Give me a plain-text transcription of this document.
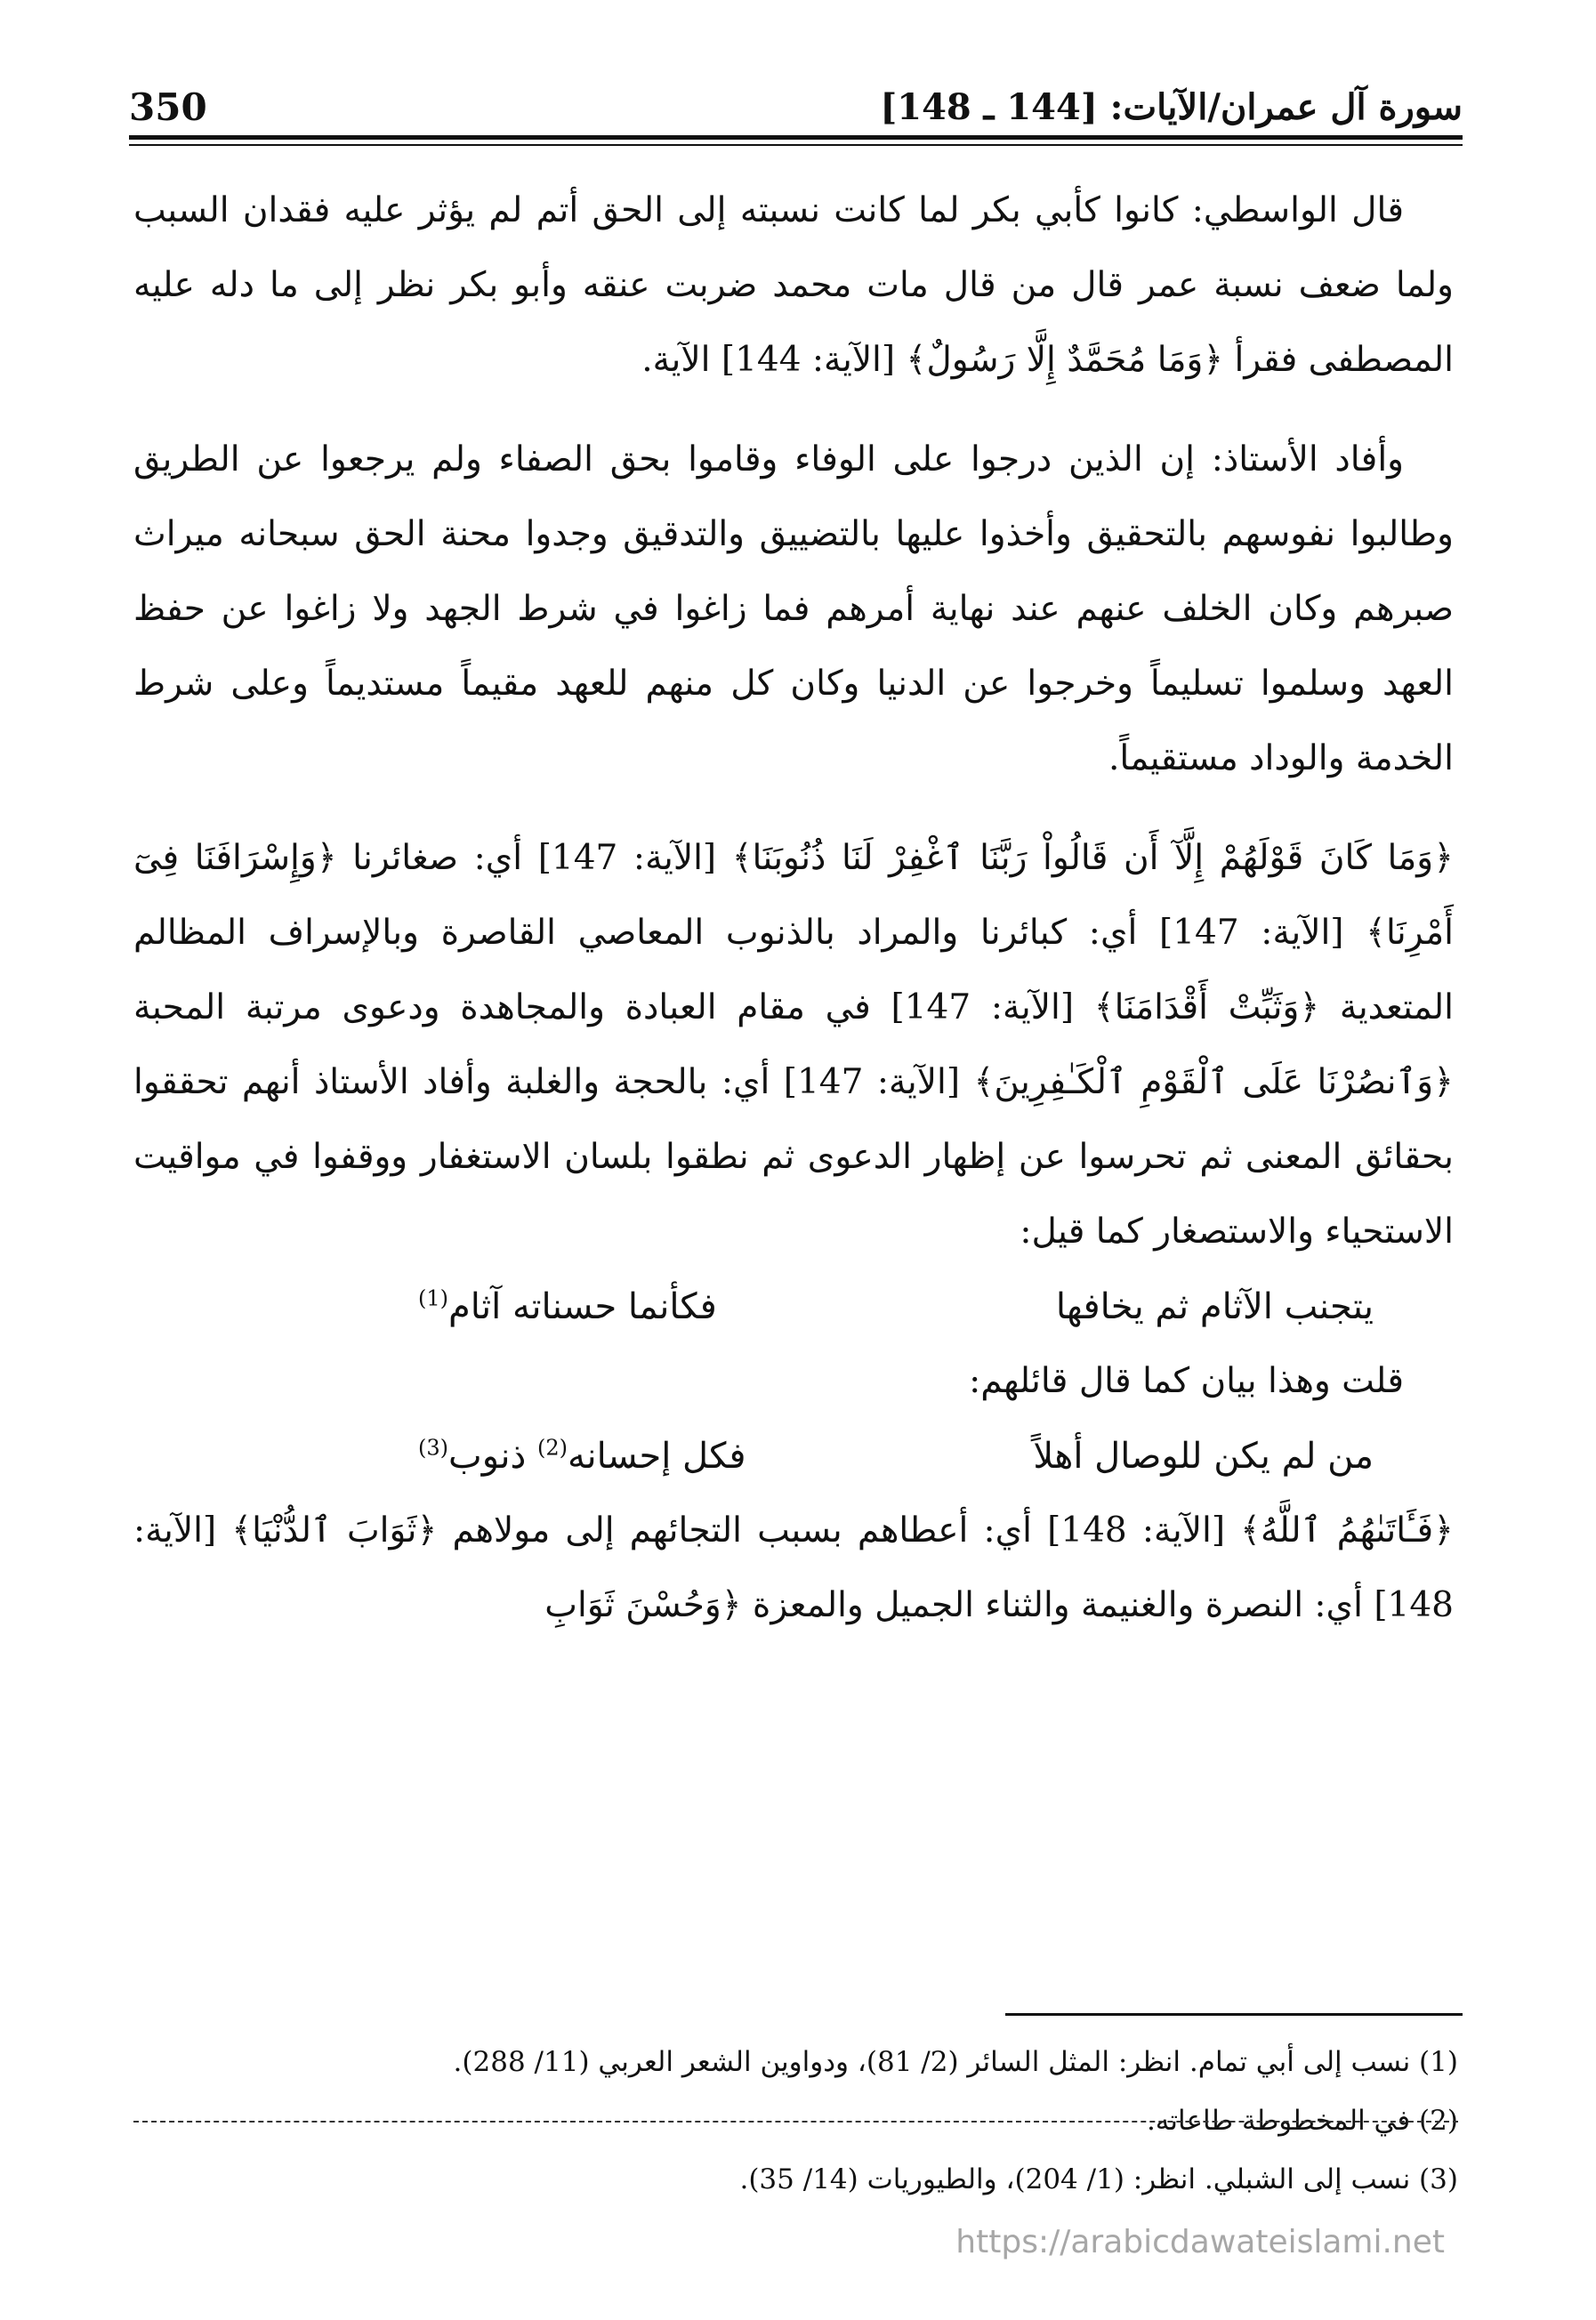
350	سورة آل عمران/الآيات: [144 ـ 148]

قال الواسطي: كانوا كأبي بكر لما كانت نسبته إلى الحق أتم لم يؤثر عليه فقدان السبب ولما ضعف نسبة عمر قال من قال مات محمد ضربت عنقه وأبو بكر نظر إلى ما دله عليه المصطفى فقرأ ﴿وَمَا مُحَمَّدٌ إِلَّا رَسُولٌ﴾ [الآية: 144] الآية.

وأفاد الأستاذ: إن الذين درجوا على الوفاء وقاموا بحق الصفاء ولم يرجعوا عن الطريق وطالبوا نفوسهم بالتحقيق وأخذوا عليها بالتضييق والتدقيق وجدوا محنة الحق سبحانه ميراث صبرهم وكان الخلف عنهم عند نهاية أمرهم فما زاغوا في شرط الجهد ولا زاغوا عن حفظ العهد وسلموا تسليماً وخرجوا عن الدنيا وكان كل منهم للعهد مقيماً مستديماً وعلى شرط الخدمة والوداد مستقيماً.

﴿وَمَا كَانَ قَوْلَهُمْ إِلَّآ أَن قَالُواْ رَبَّنَا ٱغْفِرْ لَنَا ذُنُوبَنَا﴾ [الآية: 147] أي: صغائرنا ﴿وَإِسْرَافَنَا فِىٓ أَمْرِنَا﴾ [الآية: 147] أي: كبائرنا والمراد بالذنوب المعاصي القاصرة وبالإسراف المظالم المتعدية ﴿وَثَبِّتْ أَقْدَامَنَا﴾ [الآية: 147] في مقام العبادة والمجاهدة ودعوى مرتبة المحبة ﴿وَٱنصُرْنَا عَلَى ٱلْقَوْمِ ٱلْكَـٰفِرِينَ﴾ [الآية: 147] أي: بالحجة والغلبة وأفاد الأستاذ أنهم تحققوا بحقائق المعنى ثم تحرسوا عن إظهار الدعوى ثم نطقوا بلسان الاستغفار ووقفوا في مواقيت الاستحياء والاستصغار كما قيل:

يتجنب الآثام ثم يخافها
فكأنما حسناته آثام$^{(1)}$

قلت وهذا بيان كما قال قائلهم:

من لم يكن للوصال أهلاً
فكل إحسانه$^{(2)}$ ذنوب$^{(3)}$

﴿فَـَٔاتَىٰهُمُ ٱللَّهُ﴾ [الآية: 148] أي: أعطاهم بسبب التجائهم إلى مولاهم ﴿ثَوَابَ ٱلدُّنْيَا﴾ [الآية: 148] أي: النصرة والغنيمة والثناء الجميل والمعزة ﴿وَحُسْنَ ثَوَابِ

(1) نسب إلى أبي تمام. انظر: المثل السائر (2/ 81)، ودواوين الشعر العربي (11/ 288).

(2) في المخطوطة طاعاته.

(3) نسب إلى الشبلي. انظر: (1/ 204)، والطيوريات (14/ 35).

https://arabicdawateislami.net
